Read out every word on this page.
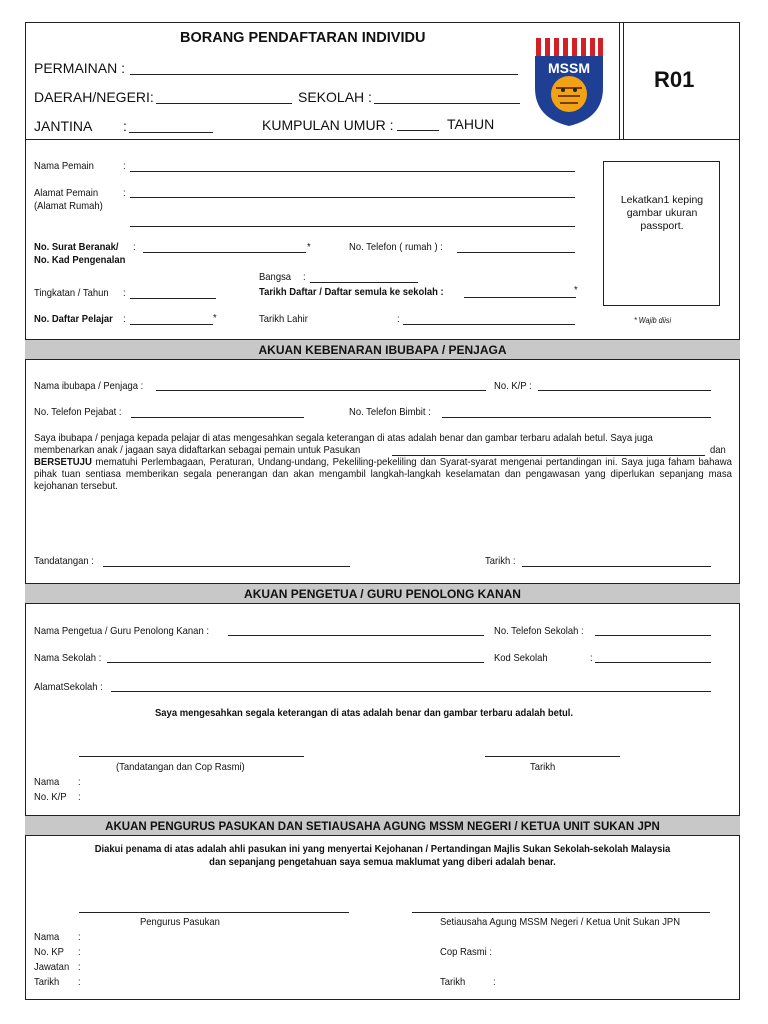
BORANG PENDAFTARAN INDIVIDU
PERMAINAN :
DAERAH/NEGERI:	SEKOLAH :
JANTINA :	KUMPULAN UMUR :	TAHUN
MSSM	R01
Nama Pemain	:
Alamat Pemain :
(Alamat Rumah)
No. Surat Beranak/
No. Kad Pengenalan
:	*	No. Telefon ( rumah ) :
Bangsa :
Tingkatan / Tahun :	Tarikh Daftar / Daftar semula ke sekolah :	*
No. Daftar Pelajar :	*	Tarikh Lahir	:
Lekatkan1 keping gambar ukuran passport.
* Wajib diisi
AKUAN KEBENARAN IBUBAPA / PENJAGA
Nama ibubapa / Penjaga :	No. K/P :
No. Telefon Pejabat :	No. Telefon Bimbit :
Saya ibubapa / penjaga kepada pelajar di atas mengesahkan segala keterangan di atas adalah benar dan gambar terbaru adalah betul. Saya juga
membenarkan anak / jagaan saya didaftarkan sebagai pemain untuk Pasukan	dan
BERSETUJU mematuhi Perlembagaan, Peraturan, Undang-undang, Pekeliling-pekeliling dan Syarat-syarat mengenai pertandingan ini. Saya juga faham bahawa pihak tuan sentiasa memberikan segala penerangan dan akan mengambil langkah-langkah keselamatan dan pengawasan yang diperlukan sepanjang masa kejohanan tersebut.
Tandatangan :	Tarikh :
AKUAN PENGETUA / GURU PENOLONG KANAN
Nama Pengetua / Guru Penolong Kanan :	No. Telefon Sekolah :
Nama Sekolah :	Kod Sekolah	:
AlamatSekolah :
Saya mengesahkan segala keterangan di atas adalah benar dan gambar terbaru adalah betul.
(Tandatangan dan Cop Rasmi)	Tarikh
Nama :
No. K/P :
AKUAN PENGURUS PASUKAN DAN SETIAUSAHA AGUNG MSSM NEGERI / KETUA UNIT SUKAN JPN
Diakui penama di atas adalah ahli pasukan ini yang menyertai Kejohanan / Pertandingan Majlis Sukan Sekolah-sekolah Malaysia
dan sepanjang pengetahuan saya semua maklumat yang diberi adalah benar.
Pengurus Pasukan	Setiausaha Agung MSSM Negeri / Ketua Unit Sukan JPN
Nama :
No. KP :
Jawatan :
Tarikh :
Cop Rasmi :
Tarikh	:
